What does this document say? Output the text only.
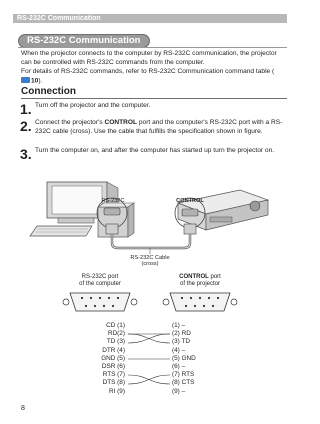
RS-232C Communication
RS-232C Communication
When the projector connects to the computer by RS-232C communication, the projector can be controlled with RS-232C commands from the computer.
For details of RS-232C commands, refer to RS-232C Communication command table (10).
Connection
1. Turn off the projector and the computer.
2. Connect the projector's CONTROL port and the computer's RS-232C port with a RS-232C cable (cross). Use the cable that fulfills the specification shown in figure.
3. Turn the computer on, and after the computer has started up turn the projector on.
RS-232C	CONTROL
RS-232C Cable
(cross)
RS-232C port
of the computer
CONTROL port
of the projector
CD (1)
RD(2)
TD (3)
DTR (4)
GND (5)
DSR (6)
RTS (7)
DTS (8)
RI (9)
(1) –
(2) RD
(3) TD
(4) –
(5) GND
(6) –
(7) RTS
(8) CTS
(9) –
8
